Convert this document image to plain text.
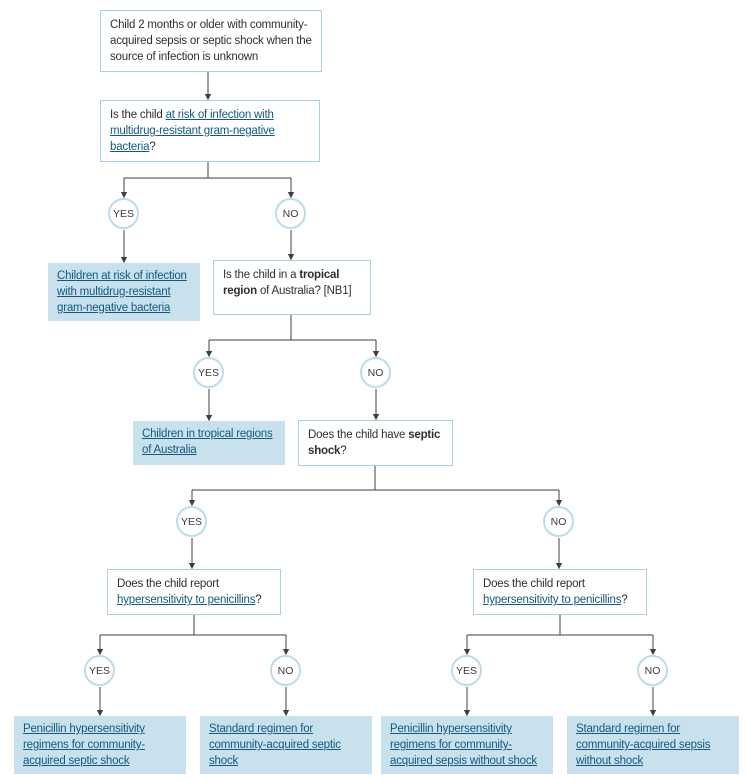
Child 2 months or older with community-acquired sepsis or septic shock when the source of infection is unknown
Is the child at risk of infection with multidrug-resistant gram-negative bacteria?
YES	NO
Children at risk of infection with multidrug-resistant gram-negative bacteria
Is the child in a tropical region of Australia? [NB1]
YES	NO
Children in tropical regions of Australia
Does the child have septic shock?
YES	NO
Does the child report hypersensitivity to penicillins?
Does the child report hypersensitivity to penicillins?
YES	NO	YES	NO
Penicillin hypersensitivity regimens for community-acquired septic shock
Standard regimen for community-acquired septic shock
Penicillin hypersensitivity regimens for community-acquired sepsis without shock
Standard regimen for community-acquired sepsis without shock
